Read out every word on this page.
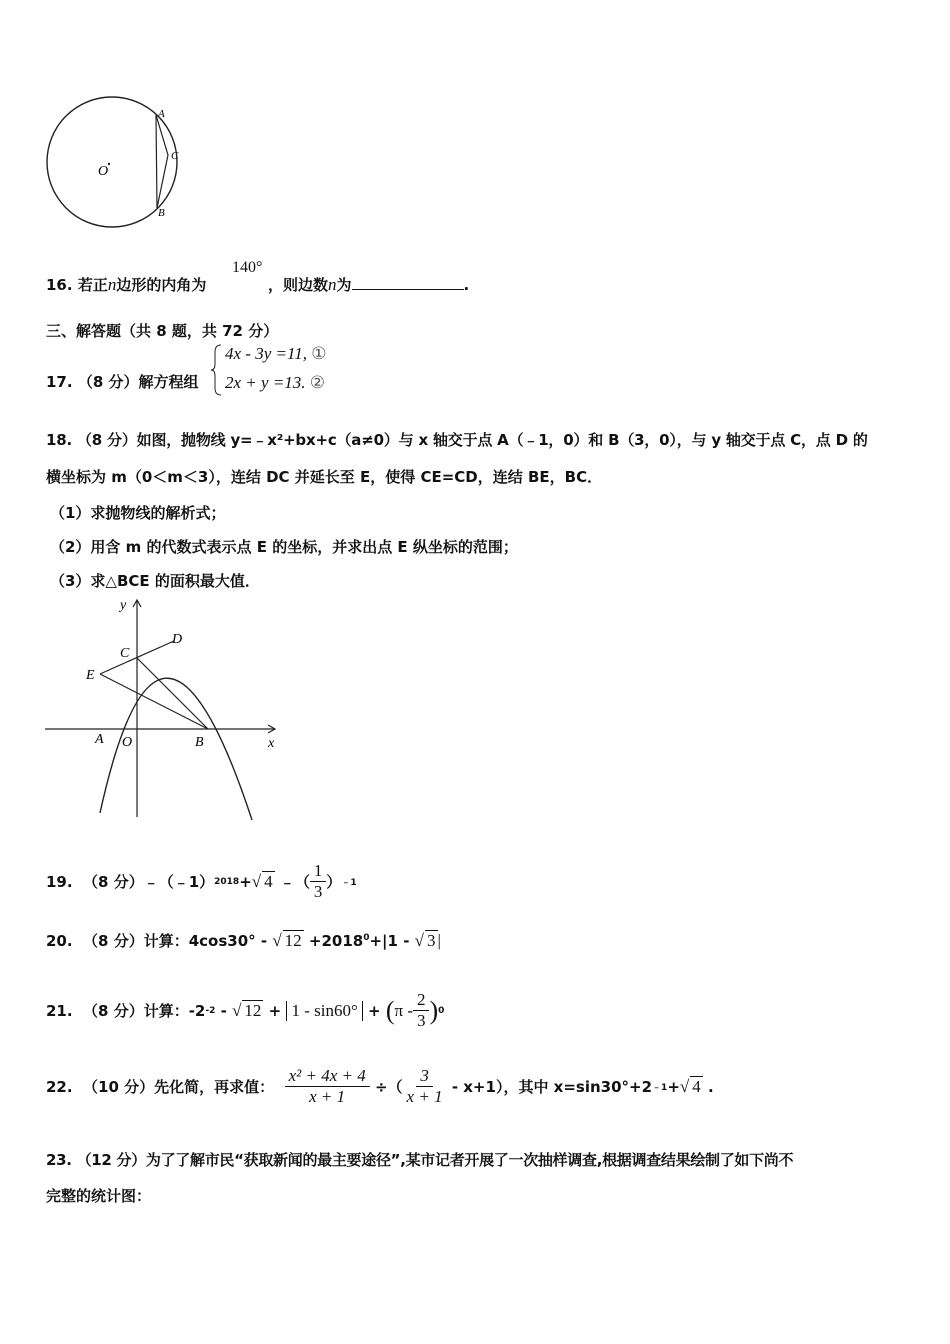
A
C
B
O
16. 若正n边形的内角为
140°
，则边数n为	.
三、解答题（共 8 题，共 72 分）
17. （8 分）解方程组
4x - 3y =11, ①
2x + y =13. ②
18. （8 分）如图，抛物线 y=﹣x²+bx+c（a≠0）与 x 轴交于点 A（﹣1，0）和 B（3，0），与 y 轴交于点 C，点 D 的
横坐标为 m（0＜m＜3），连结 DC 并延长至 E，使得 CE=CD，连结 BE，BC．
（1）求抛物线的解析式；
（2）用含 m 的代数式表示点 E 的坐标，并求出点 E 纵坐标的范围；
（3）求△BCE 的面积最大值．
y
x
C
D
E
A O	B
19.
（8 分）﹣（﹣1） 2018 + √ 4
﹣（ $\frac{1}{3}$ ） ﹣1
20. （8 分）计算：4cos30° - √ $12 +2018^0+|1$ - √ 3 |
21.
（8 分）计算：-2 -2
-
√ 12
+
1 - sin60°
+
( π - $\frac{2}{3}$ ) 0
22.
（10 分）先化简，再求值：
$\frac{\text{x² + 4x + 4}}{x + 1}$
÷（ $\frac{3}{x + 1}$
- x+1），其中 x=sin30°+2 ﹣1 + √ 4
.
23. （12 分）为了了解市民“获取新闻的最主要途径”,某市记者开展了一次抽样调查,根据调查结果绘制了如下尚不
完整的统计图：
